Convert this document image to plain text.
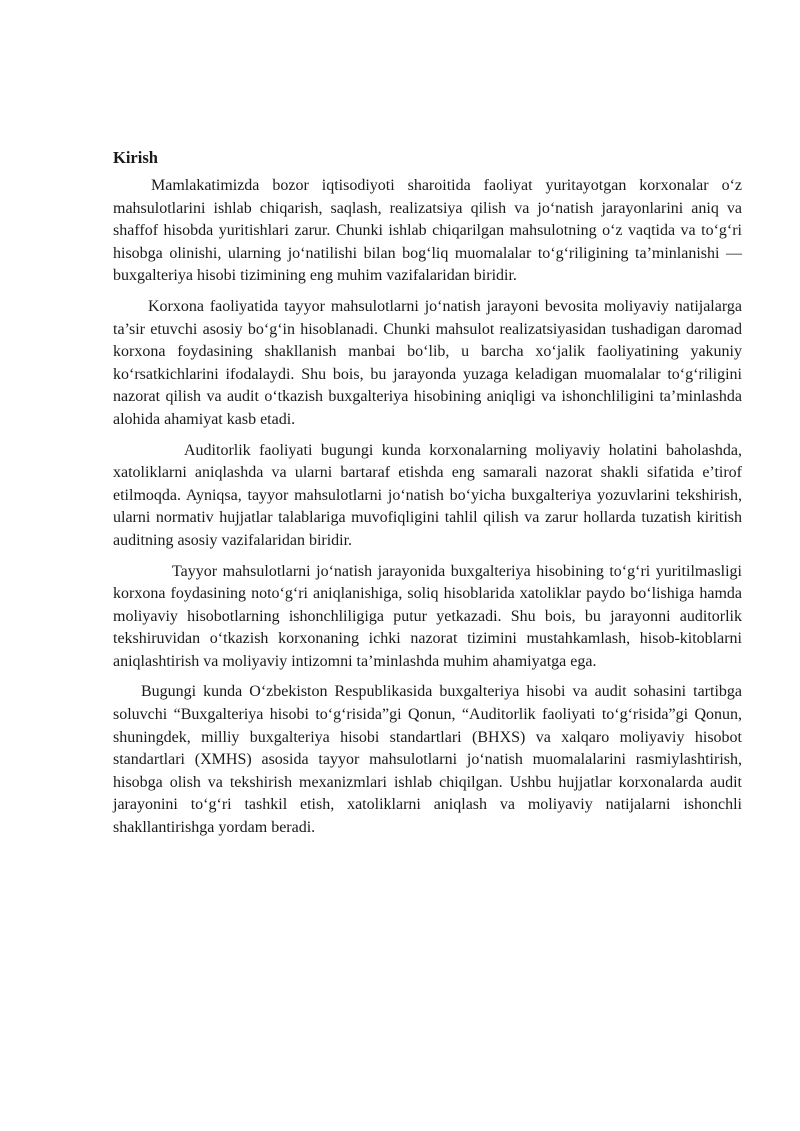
Kirish

Mamlakatimizda bozor iqtisodiyoti sharoitida faoliyat yuritayotgan korxonalar o‘z mahsulotlarini ishlab chiqarish, saqlash, realizatsiya qilish va jo‘natish jarayonlarini aniq va shaffof hisobda yuritishlari zarur. Chunki ishlab chiqarilgan mahsulotning o‘z vaqtida va to‘g‘ri hisobga olinishi, ularning jo‘natilishi bilan bog‘liq muomalalar to‘g‘riligining ta’minlanishi — buxgalteriya hisobi tizimining eng muhim vazifalaridan biridir.

Korxona faoliyatida tayyor mahsulotlarni jo‘natish jarayoni bevosita moliyaviy natijalarga ta’sir etuvchi asosiy bo‘g‘in hisoblanadi. Chunki mahsulot realizatsiyasidan tushadigan daromad korxona foydasining shakllanish manbai bo‘lib, u barcha xo‘jalik faoliyatining yakuniy ko‘rsatkichlarini ifodalaydi. Shu bois, bu jarayonda yuzaga keladigan muomalalar to‘g‘riligini nazorat qilish va audit o‘tkazish buxgalteriya hisobining aniqligi va ishonchliligini ta’minlashda alohida ahamiyat kasb etadi.

Auditorlik faoliyati bugungi kunda korxonalarning moliyaviy holatini baholashda, xatoliklarni aniqlashda va ularni bartaraf etishda eng samarali nazorat shakli sifatida e’tirof etilmoqda. Ayniqsa, tayyor mahsulotlarni jo‘natish bo‘yicha buxgalteriya yozuvlarini tekshirish, ularni normativ hujjatlar talablariga muvofiqligini tahlil qilish va zarur hollarda tuzatish kiritish auditning asosiy vazifalaridan biridir.

Tayyor mahsulotlarni jo‘natish jarayonida buxgalteriya hisobining to‘g‘ri yuritilmasligi korxona foydasining noto‘g‘ri aniqlanishiga, soliq hisoblarida xatoliklar paydo bo‘lishiga hamda moliyaviy hisobotlarning ishonchliligiga putur yetkazadi. Shu bois, bu jarayonni auditorlik tekshiruvidan o‘tkazish korxonaning ichki nazorat tizimini mustahkamlash, hisob-kitoblarni aniqlashtirish va moliyaviy intizomni ta’minlashda muhim ahamiyatga ega.

Bugungi kunda O‘zbekiston Respublikasida buxgalteriya hisobi va audit sohasini tartibga soluvchi “Buxgalteriya hisobi to‘g‘risida”gi Qonun, “Auditorlik faoliyati to‘g‘risida”gi Qonun, shuningdek, milliy buxgalteriya hisobi standartlari (BHXS) va xalqaro moliyaviy hisobot standartlari (XMHS) asosida tayyor mahsulotlarni jo‘natish muomalalarini rasmiylashtirish, hisobga olish va tekshirish mexanizmlari ishlab chiqilgan. Ushbu hujjatlar korxonalarda audit jarayonini to‘g‘ri tashkil etish, xatoliklarni aniqlash va moliyaviy natijalarni ishonchli shakllantirishga yordam beradi.
